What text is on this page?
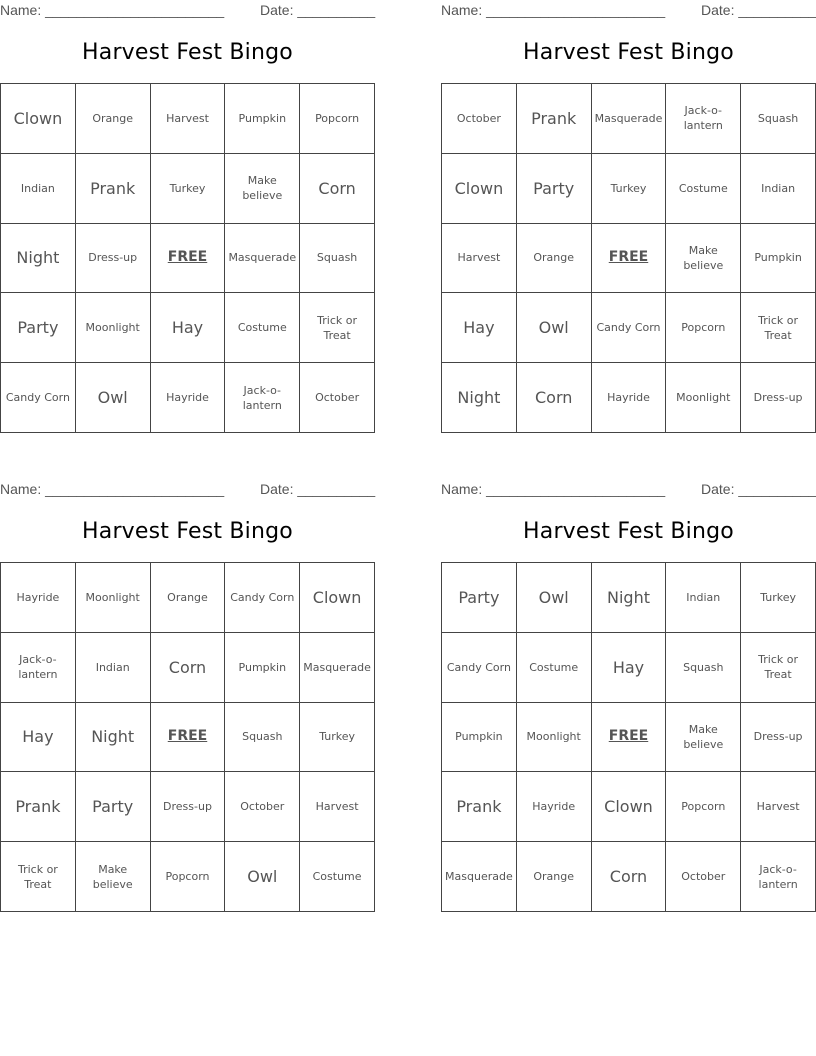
Name: _______________________	Date: __________
Harvest Fest Bingo
Clown	Orange	Harvest	Pumpkin	Popcorn
Indian	Prank	Turkey	Make believe	Corn
Night	Dress-up	FREE	Masquerade	Squash
Party	Moonlight	Hay	Costume	Trick or Treat
Candy Corn	Owl	Hayride	Jack-o-lantern	October
Name: _______________________	Date: __________
Harvest Fest Bingo
October	Prank	Masquerade	Jack-o-lantern	Squash
Clown	Party	Turkey	Costume	Indian
Harvest	Orange	FREE	Make believe	Pumpkin
Hay	Owl	Candy Corn	Popcorn	Trick or Treat
Night	Corn	Hayride	Moonlight	Dress-up
Name: _______________________	Date: __________
Harvest Fest Bingo
Hayride	Moonlight	Orange	Candy Corn	Clown
Jack-o-lantern	Indian	Corn	Pumpkin	Masquerade
Hay	Night	FREE	Squash	Turkey
Prank	Party	Dress-up	October	Harvest
Trick or Treat	Make believe	Popcorn	Owl	Costume
Name: _______________________	Date: __________
Harvest Fest Bingo
Party	Owl	Night	Indian	Turkey
Candy Corn	Costume	Hay	Squash	Trick or Treat
Pumpkin	Moonlight	FREE	Make believe	Dress-up
Prank	Hayride	Clown	Popcorn	Harvest
Masquerade	Orange	Corn	October	Jack-o-lantern
